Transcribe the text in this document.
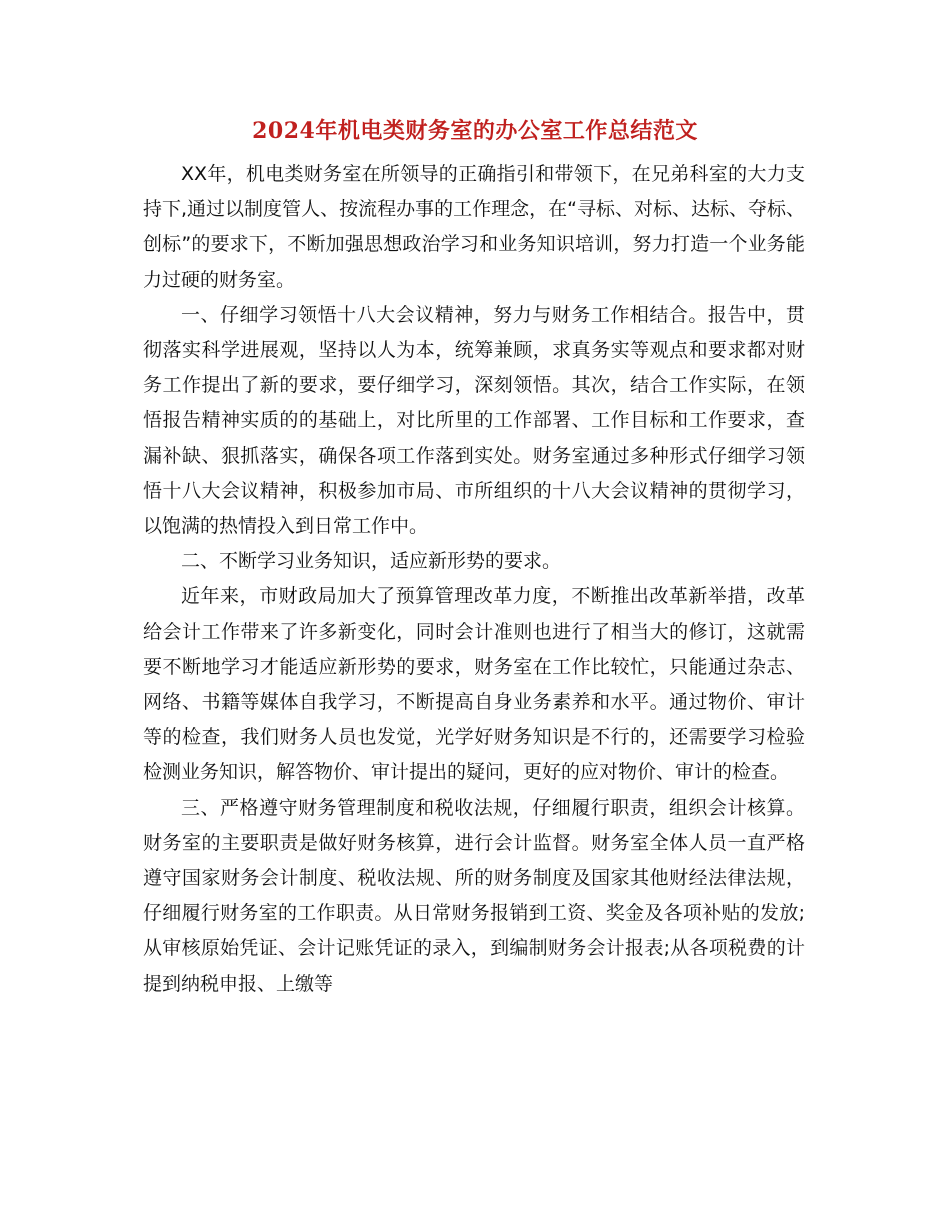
2024年机电类财务室的办公室工作总结范文

XX年，机电类财务室在所领导的正确指引和带领下，在兄弟科室的大力支持下,通过以制度管人、按流程办事的工作理念，在“寻标、对标、达标、夺标、创标”的要求下，不断加强思想政治学习和业务知识培训，努力打造一个业务能力过硬的财务室。

一、仔细学习领悟十八大会议精神，努力与财务工作相结合。报告中，贯彻落实科学进展观，坚持以人为本，统筹兼顾，求真务实等观点和要求都对财务工作提出了新的要求，要仔细学习，深刻领悟。其次，结合工作实际，在领悟报告精神实质的的基础上，对比所里的工作部署、工作目标和工作要求，查漏补缺、狠抓落实，确保各项工作落到实处。财务室通过多种形式仔细学习领悟十八大会议精神，积极参加市局、市所组织的十八大会议精神的贯彻学习，以饱满的热情投入到日常工作中。

二、不断学习业务知识，适应新形势的要求。

近年来，市财政局加大了预算管理改革力度，不断推出改革新举措，改革给会计工作带来了许多新变化，同时会计准则也进行了相当大的修订，这就需要不断地学习才能适应新形势的要求，财务室在工作比较忙，只能通过杂志、网络、书籍等媒体自我学习，不断提高自身业务素养和水平。通过物价、审计等的检查，我们财务人员也发觉，光学好财务知识是不行的，还需要学习检验检测业务知识，解答物价、审计提出的疑问，更好的应对物价、审计的检查。

三、严格遵守财务管理制度和税收法规，仔细履行职责，组织会计核算。财务室的主要职责是做好财务核算，进行会计监督。财务室全体人员一直严格遵守国家财务会计制度、税收法规、所的财务制度及国家其他财经法律法规，仔细履行财务室的工作职责。从日常财务报销到工资、奖金及各项补贴的发放;从审核原始凭证、会计记账凭证的录入，到编制财务会计报表;从各项税费的计提到纳税申报、上缴等
